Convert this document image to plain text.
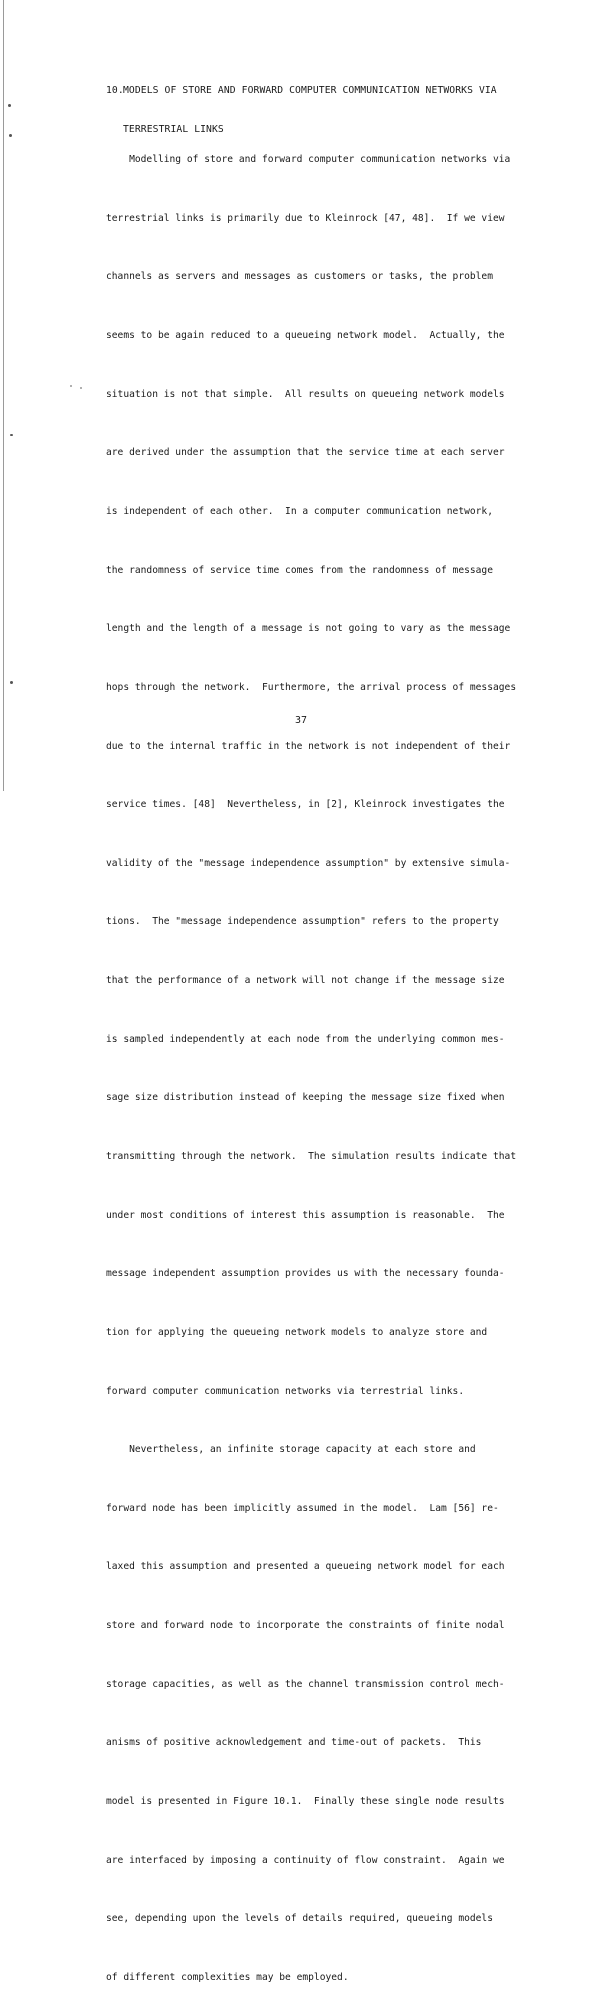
10.MODELS OF STORE AND FORWARD COMPUTER COMMUNICATION NETWORKS VIA

TERRESTRIAL LINKS

Modelling of store and forward computer communication networks via

terrestrial links is primarily due to Kleinrock [47, 48].  If we view

channels as servers and messages as customers or tasks, the problem

seems to be again reduced to a queueing network model.  Actually, the

situation is not that simple.  All results on queueing network models

are derived under the assumption that the service time at each server

is independent of each other.  In a computer communication network,

the randomness of service time comes from the randomness of message

length and the length of a message is not going to vary as the message

hops through the network.  Furthermore, the arrival process of messages

due to the internal traffic in the network is not independent of their

service times. [48]  Nevertheless, in [2], Kleinrock investigates the

validity of the "message independence assumption" by extensive simula-

tions.  The "message independence assumption" refers to the property

that the performance of a network will not change if the message size

is sampled independently at each node from the underlying common mes-

sage size distribution instead of keeping the message size fixed when

transmitting through the network.  The simulation results indicate that

under most conditions of interest this assumption is reasonable.  The

message independent assumption provides us with the necessary founda-

tion for applying the queueing network models to analyze store and

forward computer communication networks via terrestrial links.

Nevertheless, an infinite storage capacity at each store and

forward node has been implicitly assumed in the model.  Lam [56] re-

laxed this assumption and presented a queueing network model for each

store and forward node to incorporate the constraints of finite nodal

storage capacities, as well as the channel transmission control mech-

anisms of positive acknowledgement and time-out of packets.  This

model is presented in Figure 10.1.  Finally these single node results

are interfaced by imposing a continuity of flow constraint.  Again we

see, depending upon the levels of details required, queueing models

of different complexities may be employed.

37
